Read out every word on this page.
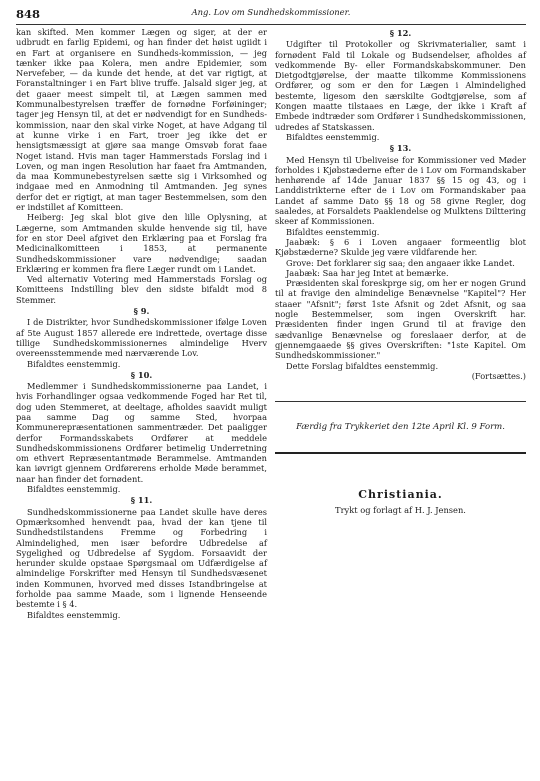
848	Ang. Lov om Sundhedskommissioner.

kan skifted. Men kommer Lægen og siger, at der er udbrudt en farlig Epidemi, og han finder det høist ugiidt i en Fart at organisere en Sundheds-kommission, — jeg tænker ikke paa Kolera, men andre Epidemier, som Nervefeber, — da kunde det hende, at det var rigtigt, at Foranstaltninger i en Fart blive truffe. Jalsald siger jeg, at det gaaer meest simpelt til, at Lægen sammen med Kommunalbestyrelsen træffer de fornødne Forføininger; tager jeg Hensyn til, at det er nødvendigt for en Sundheds-kommission, naar den skal virke Noget, at have Adgang til at kunne virke i en Fart, troer jeg ikke det er hensigtsmæssigt at gjøre saa mange Omsvøb forat faae Noget istand. Hvis man tager Hammerstads Forslag ind i Loven, og man ingen Resolution har faaet fra Amtmanden, da maa Kommunebestyrelsen sætte sig i Virksomhed og indgaae med en Anmodning til Amtmanden. Jeg synes derfor det er rigtigt, at man tager Bestemmelsen, som den er indstillet af Komitteen.

Heiberg: Jeg skal blot give den lille Oplysning, at Lægerne, som Amtmanden skulde henvende sig til, have for en stor Deel afgivet den Erklæring paa et Forslag fra Medicinalkomitteen i 1853, at permanente Sundhedskommissioner vare nødvendige; saadan Erklæring er kommen fra flere Læger rundt om i Landet.

Ved alternativ Votering med Hammerstads Forslag og Komitteens Indstilling blev den sidste bifaldt mod 8 Stemmer.

§ 9.

I de Distrikter, hvor Sundhedskommissioner ifølge Loven af 5te August 1857 allerede ere indrettede, overtage disse tillige Sundhedskommissionernes almindelige Hverv overeensstemmende med nærværende Lov.

Bifaldtes eenstemmig.

§ 10.

Medlemmer i Sundhedskommissionerne paa Landet, i hvis Forhandlinger ogsaa vedkommende Foged har Ret til, dog uden Stemmeret, at deeltage, afholdes saavidt muligt paa samme Dag og samme Sted, hvorpaa Kommunerepræsentationen sammentræder. Det paaligger derfor Formandsskabets Ordfører at meddele Sundhedskommissionens Ordfører betimelig Underretning om ethvert Repræsentantmøde Berammelse. Amtmanden kan iøvrigt gjennem Ordførerens erholde Møde berammet, naar han finder det fornødent.

Bifaldtes eenstemmig.

§ 11.

Sundhedskommissionerne paa Landet skulle have deres Opmærksomhed henvendt paa, hvad der kan tjene til Sundhedstilstandens Fremme og Forbedring i Almindelighed, men især befordre Udbredelse af Sygelighed og Udbredelse af Sygdom. Forsaavidt der herunder skulde opstaae Spørgsmaal om Udfærdigelse af almindelige Forskrifter med Hensyn til Sundhedsvæsenet inden Kommunen, hvorved med disses Istandbringelse at forholde paa samme Maade, som i lignende Henseende bestemte i § 4.

Bifaldtes eenstemmig.

§ 12.

Udgifter til Protokoller og Skrivmaterialier, samt i fornødent Fald til Lokale og Budsendelser, afholdes af vedkommende By- eller Formandskabskommuner. Den Dietgodtgjørelse, der maatte tilkomme Kommissionens Ordfører, og som er den for Lægen i Almindelighed bestemte, ligesom den særskilte Godtgjørelse, som af Kongen maatte tilstaaes en Læge, der ikke i Kraft af Embede indtræder som Ordfører i Sundhedskommissionen, udredes af Statskassen.

Bifaldtes eenstemmig.

§ 13.

Med Hensyn til Ubeliveise for Kommissioner ved Møder forholdes i Kjøbstæderne efter de i Lov om Formandskaber henhørende af 14de Januar 1837 §§ 15 og 43, og i Landdistrikterne efter de i Lov om Formandskaber paa Landet af samme Dato §§ 18 og 58 givne Regler, dog saaledes, at Forsaldets Paaklendelse og Mulktens Dilttering skeer af Kommissionen.

Bifaldtes eenstemmig.

Jaabæk: § 6 i Loven angaaer formeentlig blot Kjøbstæderne? Skulde jeg være vildfarende her.

Grove: Det forklarer sig saa; den angaaer ikke Landet.

Jaabæk: Saa har jeg Intet at bemærke.

Præsidenten skal foreskprge sig, om her er nogen Grund til at fravige den almindelige Benævnelse "Kapitel"? Her staaer "Afsnit"; først 1ste Afsnit og 2det Afsnit, og saa nogle Bestemmelser, som ingen Overskrift har. Præsidenten finder ingen Grund til at fravige den sædvanlige Benævnelse og foreslaaer derfor, at de gjennemgaaede §§ gives Overskriften: "1ste Kapitel. Om Sundhedskommissioner."

Dette Forslag bifaldtes eenstemmig.

(Fortsættes.)

Færdig fra Trykkeriet den 12te April Kl. 9 Form.
Christiania.
Trykt og forlagt af H. J. Jensen.
